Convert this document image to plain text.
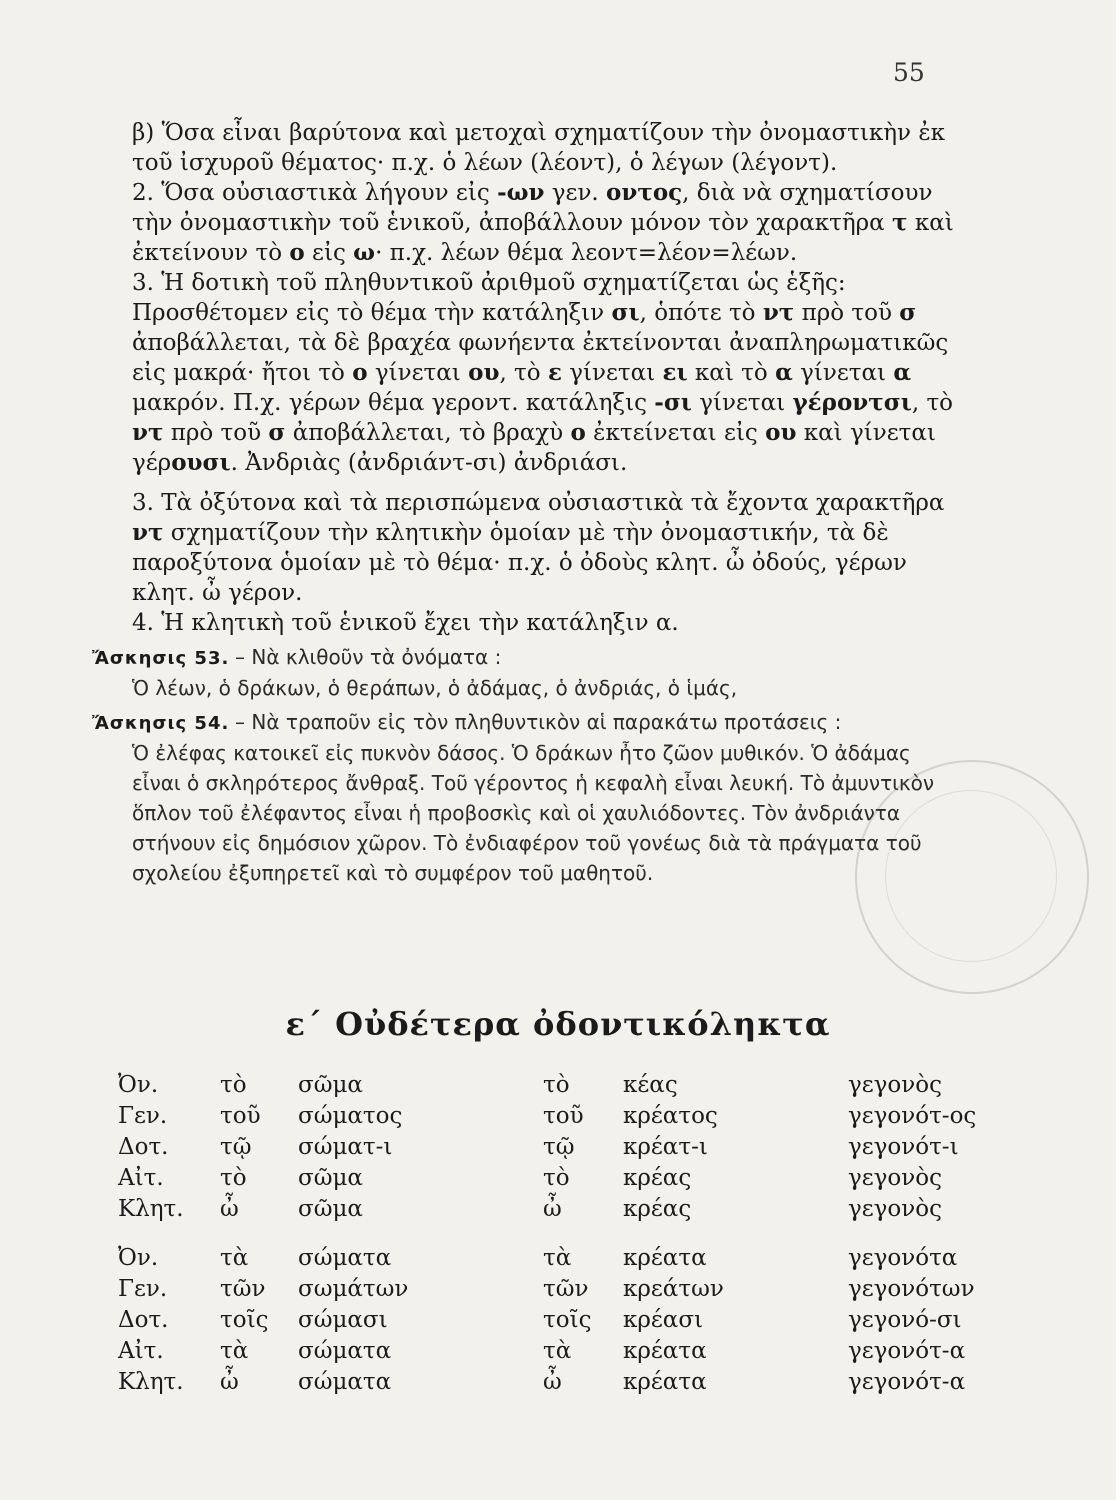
55

β) Ὅσα εἶναι βαρύτονα καὶ μετοχαὶ σχηματίζουν τὴν ὀνομαστικὴν ἐκ τοῦ ἰσχυροῦ θέματος· π.χ. ὁ λέων (λέοντ), ὁ λέγων (λέγοντ).

2. Ὅσα οὐσιαστικὰ λήγουν εἰς -ων γεν. οντος, διὰ νὰ σχηματίσουν τὴν ὀνομαστικὴν τοῦ ἑνικοῦ, ἀποβάλλουν μόνον τὸν χαρακτῆρα τ καὶ ἐκτείνουν τὸ ο εἰς ω· π.χ. λέων θέμα λεοντ=λέον=λέων.

3. Ἡ δοτικὴ τοῦ πληθυντικοῦ ἀριθμοῦ σχηματίζεται ὡς ἑξῆς: Προσθέτομεν εἰς τὸ θέμα τὴν κατάληξιν σι, ὁπότε τὸ ντ πρὸ τοῦ σ ἀποβάλλεται, τὰ δὲ βραχέα φωνήεντα ἐκτείνονται ἀναπληρωματικῶς εἰς μακρά· ἤτοι τὸ ο γίνεται ου, τὸ ε γίνεται ει καὶ τὸ α γίνεται α μακρόν. Π.χ. γέρων θέμα γεροντ. κατάληξις -σι γίνεται γέροντσι, τὸ ντ πρὸ τοῦ σ ἀποβάλλεται, τὸ βραχὺ ο ἐκτείνεται εἰς ου καὶ γίνεται γέρουσι. Ἀνδριὰς (ἀνδριάντ-σι) ἀνδριάσι.

3. Τὰ ὀξύτονα καὶ τὰ περισπώμενα οὐσιαστικὰ τὰ ἔχοντα χαρακτῆρα ντ σχηματίζουν τὴν κλητικὴν ὁμοίαν μὲ τὴν ὀνομαστικήν, τὰ δὲ παροξύτονα ὁμοίαν μὲ τὸ θέμα· π.χ. ὁ ὀδοὺς κλητ. ὦ ὀδούς, γέρων κλητ. ὦ γέρον.

4. Ἡ κλητικὴ τοῦ ἑνικοῦ ἔχει τὴν κατάληξιν α.

Ἄσκησις 53. – Νὰ κλιθοῦν τὰ ὀνόματα :

Ὁ λέων, ὁ δράκων, ὁ θεράπων, ὁ ἀδάμας, ὁ ἀνδριάς, ὁ ἱμάς,

Ἄσκησις 54. – Νὰ τραποῦν εἰς τὸν πληθυντικὸν αἱ παρακάτω προτάσεις :

Ὁ ἐλέφας κατοικεῖ εἰς πυκνὸν δάσος. Ὁ δράκων ἦτο ζῶον μυθικόν. Ὁ ἀδάμας εἶναι ὁ σκληρότερος ἄνθραξ. Τοῦ γέροντος ἡ κεφαλὴ εἶναι λευκή. Τὸ ἀμυντικὸν ὅπλον τοῦ ἐλέφαντος εἶναι ἡ προβοσκὶς καὶ οἱ χαυλιόδοντες. Τὸν ἀνδριάντα στήνουν εἰς δημόσιον χῶρον. Τὸ ἐνδιαφέρον τοῦ γονέως διὰ τὰ πράγματα τοῦ σχολείου ἐξυπηρετεῖ καὶ τὸ συμφέρον τοῦ μαθητοῦ.

ε΄ Οὐδέτερα ὀδοντικόληκτα
Ὀν.	τὸ σῶμα	τὸ κέας	γεγονὸς
Γεν. τοῦ σώματος	τοῦ κρέατος	γεγονότ-ος
Δοτ. τῷ σώματ-ι	τῷ κρέατ-ι	γεγονότ-ι
Αἰτ. τὸ σῶμα	τὸ κρέας	γεγονὸς
Κλητ. ὦ	σῶμα	ὦ	κρέας	γεγονὸς
Ὀν.	τὰ σώματα	τὰ κρέατα	γεγονότα
Γεν. τῶν σωμάτων	τῶν κρεάτων	γεγονότων
Δοτ. τοῖς σώμασι	τοῖς κρέασι	γεγονό-σι
Αἰτ. τὰ σώματα	τὰ κρέατα	γεγονότ-α
Κλητ. ὦ	σώματα	ὦ	κρέατα	γεγονότ-α
